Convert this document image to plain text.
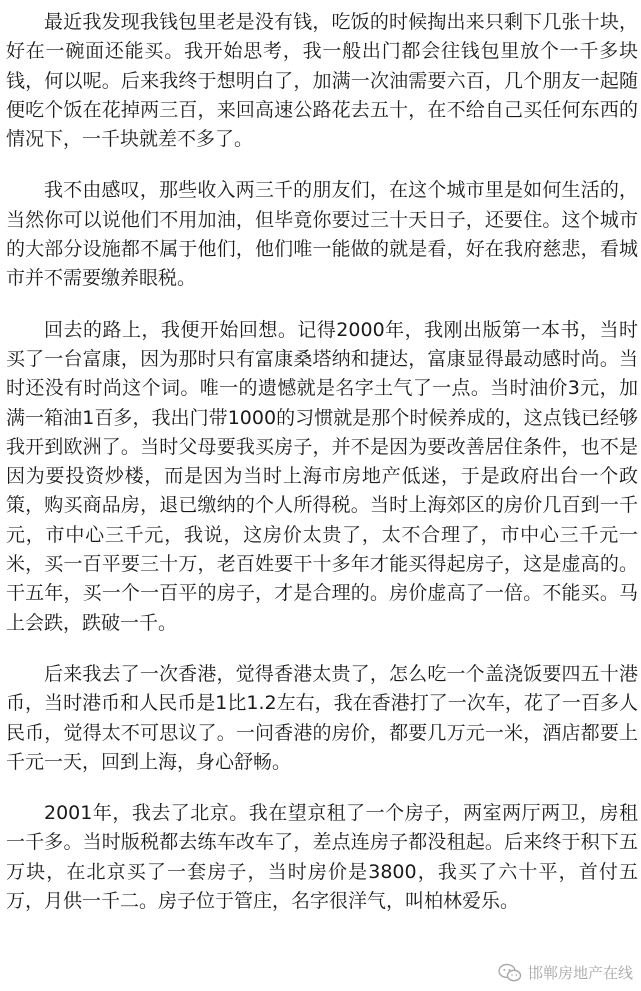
最近我发现我钱包里老是没有钱，吃饭的时候掏出来只剩下几张十块，好在一碗面还能买。我开始思考，我一般出门都会往钱包里放个一千多块钱，何以呢。后来我终于想明白了，加满一次油需要六百，几个朋友一起随便吃个饭在花掉两三百，来回高速公路花去五十，在不给自己买任何东西的情况下，一千块就差不多了。

我不由感叹，那些收入两三千的朋友们，在这个城市里是如何生活的，当然你可以说他们不用加油，但毕竟你要过三十天日子，还要住。这个城市的大部分设施都不属于他们，他们唯一能做的就是看，好在我府慈悲，看城市并不需要缴养眼税。

回去的路上，我便开始回想。记得2000年，我刚出版第一本书，当时买了一台富康，因为那时只有富康桑塔纳和捷达，富康显得最动感时尚。当时还没有时尚这个词。唯一的遗憾就是名字土气了一点。当时油价3元，加满一箱油1百多，我出门带1000的习惯就是那个时候养成的，这点钱已经够我开到欧洲了。当时父母要我买房子，并不是因为要改善居住条件，也不是因为要投资炒楼，而是因为当时上海市房地产低迷，于是政府出台一个政策，购买商品房，退已缴纳的个人所得税。当时上海郊区的房价几百到一千元，市中心三千元，我说，这房价太贵了，太不合理了，市中心三千元一米，买一百平要三十万，老百姓要干十多年才能买得起房子，这是虚高的。干五年，买一个一百平的房子，才是合理的。房价虚高了一倍。不能买。马上会跌，跌破一千。

后来我去了一次香港，觉得香港太贵了，怎么吃一个盖浇饭要四五十港币，当时港币和人民币是1比1.2左右，我在香港打了一次车，花了一百多人民币，觉得太不可思议了。一问香港的房价，都要几万元一米，酒店都要上千元一天，回到上海，身心舒畅。

2001年，我去了北京。我在望京租了一个房子，两室两厅两卫，房租一千多。当时版税都去练车改车了，差点连房子都没租起。后来终于积下五万块，在北京买了一套房子，当时房价是3800，我买了六十平，首付五万，月供一千二。房子位于管庄，名字很洋气，叫柏林爱乐。

邯郸房地产在线
